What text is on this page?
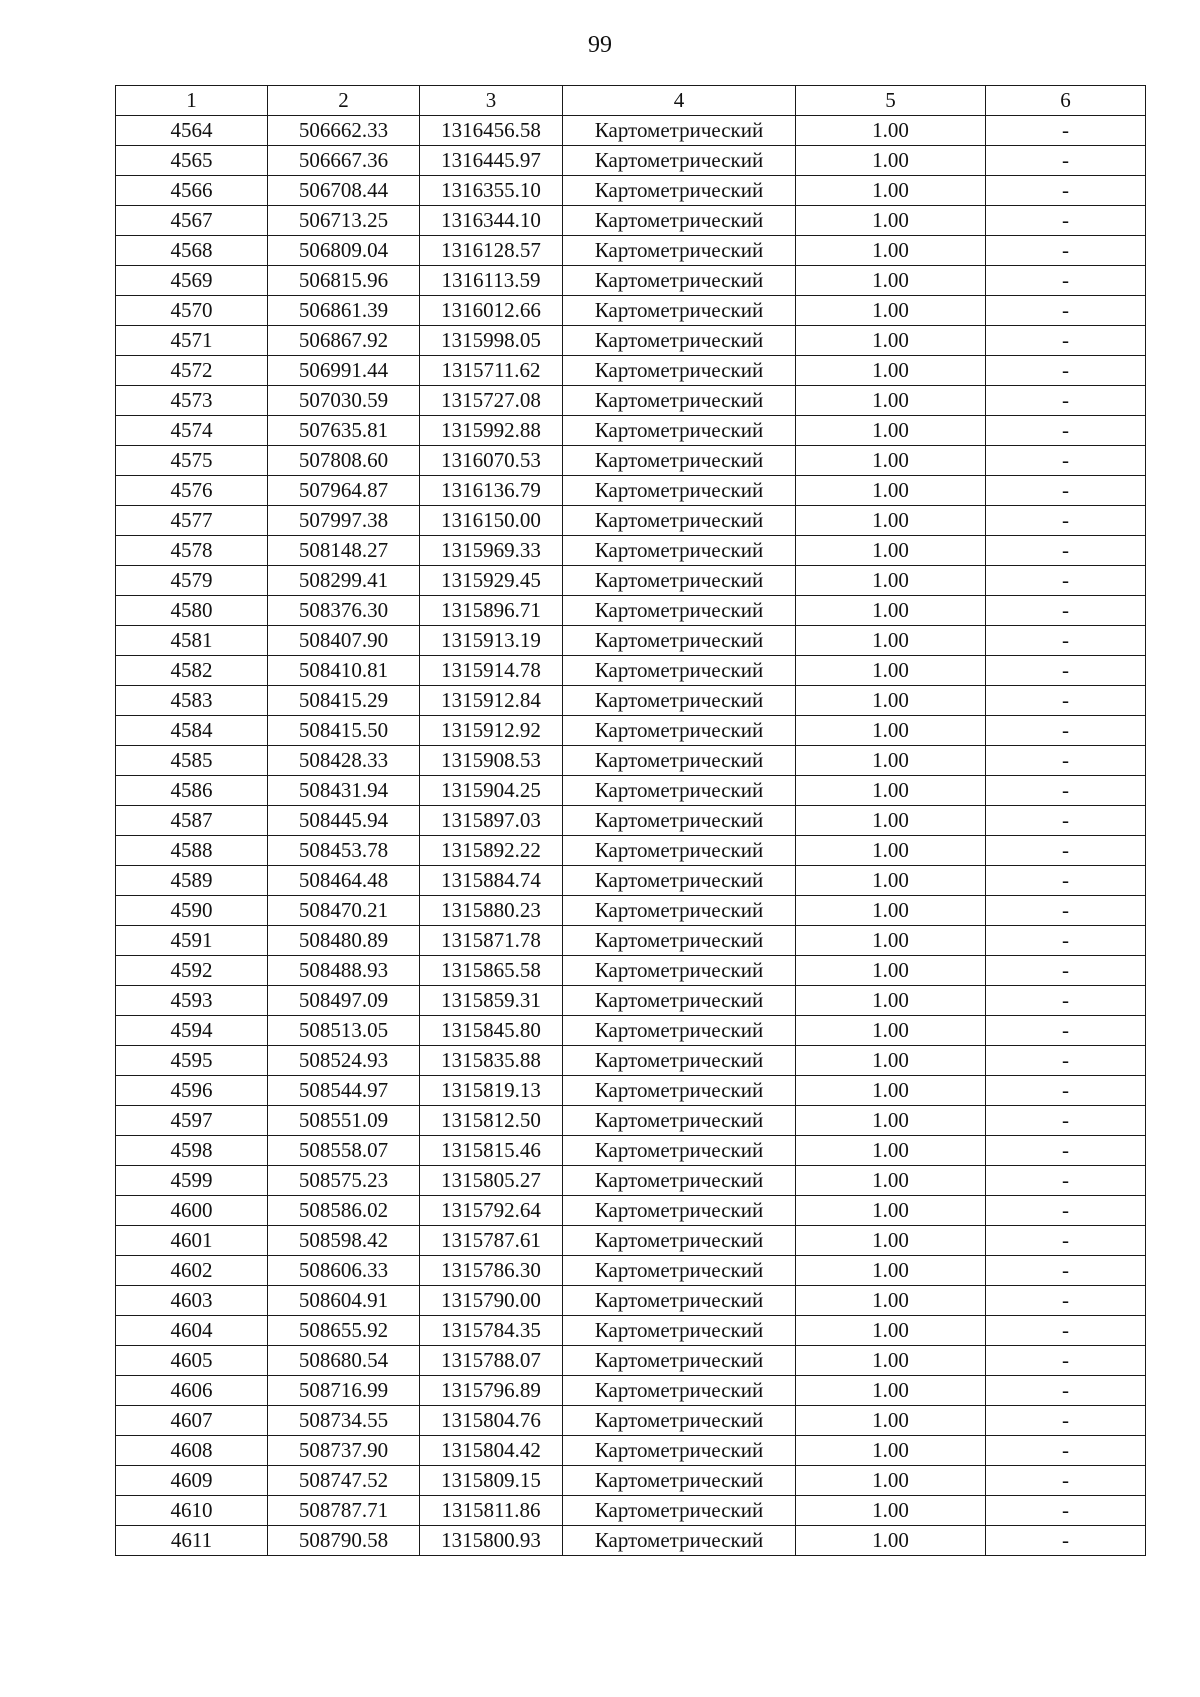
99
1	2	3	4	5	6
4564	506662.33	1316456.58	Картометрический	1.00	-
4565	506667.36	1316445.97	Картометрический	1.00	-
4566	506708.44	1316355.10	Картометрический	1.00	-
4567	506713.25	1316344.10	Картометрический	1.00	-
4568	506809.04	1316128.57	Картометрический	1.00	-
4569	506815.96	1316113.59	Картометрический	1.00	-
4570	506861.39	1316012.66	Картометрический	1.00	-
4571	506867.92	1315998.05	Картометрический	1.00	-
4572	506991.44	1315711.62	Картометрический	1.00	-
4573	507030.59	1315727.08	Картометрический	1.00	-
4574	507635.81	1315992.88	Картометрический	1.00	-
4575	507808.60	1316070.53	Картометрический	1.00	-
4576	507964.87	1316136.79	Картометрический	1.00	-
4577	507997.38	1316150.00	Картометрический	1.00	-
4578	508148.27	1315969.33	Картометрический	1.00	-
4579	508299.41	1315929.45	Картометрический	1.00	-
4580	508376.30	1315896.71	Картометрический	1.00	-
4581	508407.90	1315913.19	Картометрический	1.00	-
4582	508410.81	1315914.78	Картометрический	1.00	-
4583	508415.29	1315912.84	Картометрический	1.00	-
4584	508415.50	1315912.92	Картометрический	1.00	-
4585	508428.33	1315908.53	Картометрический	1.00	-
4586	508431.94	1315904.25	Картометрический	1.00	-
4587	508445.94	1315897.03	Картометрический	1.00	-
4588	508453.78	1315892.22	Картометрический	1.00	-
4589	508464.48	1315884.74	Картометрический	1.00	-
4590	508470.21	1315880.23	Картометрический	1.00	-
4591	508480.89	1315871.78	Картометрический	1.00	-
4592	508488.93	1315865.58	Картометрический	1.00	-
4593	508497.09	1315859.31	Картометрический	1.00	-
4594	508513.05	1315845.80	Картометрический	1.00	-
4595	508524.93	1315835.88	Картометрический	1.00	-
4596	508544.97	1315819.13	Картометрический	1.00	-
4597	508551.09	1315812.50	Картометрический	1.00	-
4598	508558.07	1315815.46	Картометрический	1.00	-
4599	508575.23	1315805.27	Картометрический	1.00	-
4600	508586.02	1315792.64	Картометрический	1.00	-
4601	508598.42	1315787.61	Картометрический	1.00	-
4602	508606.33	1315786.30	Картометрический	1.00	-
4603	508604.91	1315790.00	Картометрический	1.00	-
4604	508655.92	1315784.35	Картометрический	1.00	-
4605	508680.54	1315788.07	Картометрический	1.00	-
4606	508716.99	1315796.89	Картометрический	1.00	-
4607	508734.55	1315804.76	Картометрический	1.00	-
4608	508737.90	1315804.42	Картометрический	1.00	-
4609	508747.52	1315809.15	Картометрический	1.00	-
4610	508787.71	1315811.86	Картометрический	1.00	-
4611	508790.58	1315800.93	Картометрический	1.00	-
